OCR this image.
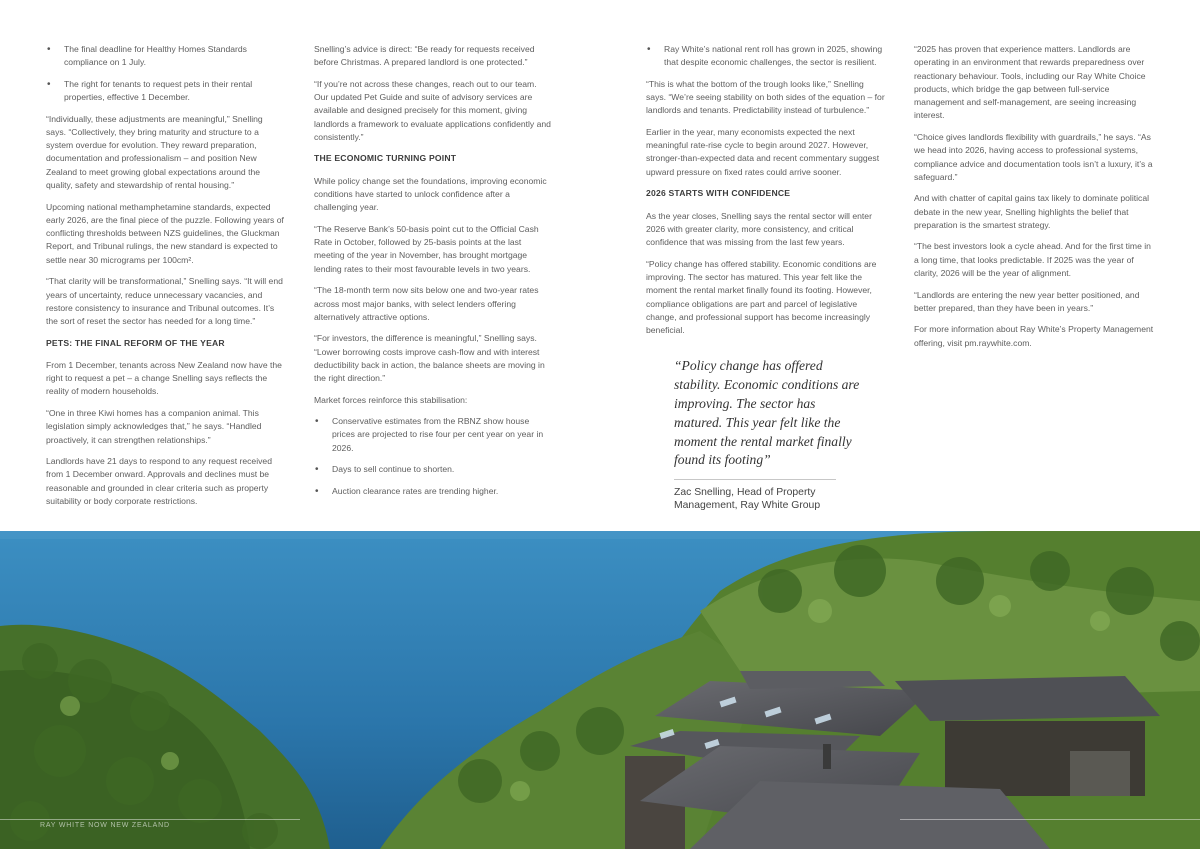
• The final deadline for Healthy Homes Standards compliance on 1 July.
• The right for tenants to request pets in their rental properties, effective 1 December.

“Individually, these adjustments are meaningful,” Snelling says. “Collectively, they bring maturity and structure to a system overdue for evolution. They reward preparation, documentation and professionalism – and position New Zealand to meet growing global expectations around the quality, safety and stewardship of rental housing.”

Upcoming national methamphetamine standards, expected early 2026, are the final piece of the puzzle. Following years of conflicting thresholds between NZS guidelines, the Gluckman Report, and Tribunal rulings, the new standard is expected to settle near 30 micrograms per 100cm².

“That clarity will be transformational,” Snelling says. “It will end years of uncertainty, reduce unnecessary vacancies, and restore consistency to insurance and Tribunal outcomes. It’s the sort of reset the sector has needed for a long time.”

PETS: THE FINAL REFORM OF THE YEAR

From 1 December, tenants across New Zealand now have the right to request a pet – a change Snelling says reflects the reality of modern households.

“One in three Kiwi homes has a companion animal. This legislation simply acknowledges that,” he says. “Handled proactively, it can strengthen relationships.”

Landlords have 21 days to respond to any request received from 1 December onward. Approvals and declines must be reasonable and grounded in clear criteria such as property suitability or body corporate restrictions.

Snelling’s advice is direct: “Be ready for requests received before Christmas. A prepared landlord is one protected.”

“If you’re not across these changes, reach out to our team. Our updated Pet Guide and suite of advisory services are available and designed precisely for this moment, giving landlords a framework to evaluate applications confidently and consistently.”

THE ECONOMIC TURNING POINT

While policy change set the foundations, improving economic conditions have started to unlock confidence after a challenging year.

“The Reserve Bank’s 50-basis point cut to the Official Cash Rate in October, followed by 25-basis points at the last meeting of the year in November, has brought mortgage lending rates to their most favourable levels in two years.

“The 18-month term now sits below one and two-year rates across most major banks, with select lenders offering alternatively attractive options.

“For investors, the difference is meaningful,” Snelling says. “Lower borrowing costs improve cash-flow and with interest deductibility back in action, the balance sheets are moving in the right direction.”

Market forces reinforce this stabilisation:

• Conservative estimates from the RBNZ show house prices are projected to rise four per cent year on year in 2026.
• Days to sell continue to shorten.
• Auction clearance rates are trending higher.
• Ray White’s national rent roll has grown in 2025, showing that despite economic challenges, the sector is resilient.

“This is what the bottom of the trough looks like,” Snelling says. “We’re seeing stability on both sides of the equation – for landlords and tenants. Predictability instead of turbulence.”

Earlier in the year, many economists expected the next meaningful rate-rise cycle to begin around 2027. However, stronger-than-expected data and recent commentary suggest upward pressure on fixed rates could arrive sooner.

2026 STARTS WITH CONFIDENCE

As the year closes, Snelling says the rental sector will enter 2026 with greater clarity, more consistency, and critical confidence that was missing from the last few years.

“Policy change has offered stability. Economic conditions are improving. The sector has matured. This year felt like the moment the rental market finally found its footing. However, compliance obligations are part and parcel of legislative change, and professional support has become increasingly beneficial.

“Policy change has offered stability. Economic conditions are improving. The sector has matured. This year felt like the moment the rental market finally found its footing”
Zac Snelling, Head of Property Management, Ray White Group

“2025 has proven that experience matters. Landlords are operating in an environment that rewards preparedness over reactionary behaviour. Tools, including our Ray White Choice products, which bridge the gap between full-service management and self-management, are seeing increasing interest.

“Choice gives landlords flexibility with guardrails,” he says. “As we head into 2026, having access to professional systems, compliance advice and documentation tools isn’t a luxury, it’s a safeguard.”

And with chatter of capital gains tax likely to dominate political debate in the new year, Snelling highlights the belief that preparation is the smartest strategy.

“The best investors look a cycle ahead. And for the first time in a long time, that looks predictable. If 2025 was the year of clarity, 2026 will be the year of alignment.

“Landlords are entering the new year better positioned, and better prepared, than they have been in years.”

For more information about Ray White’s Property Management offering, visit pm.raywhite.com.

RAY WHITE NOW NEW ZEALAND
